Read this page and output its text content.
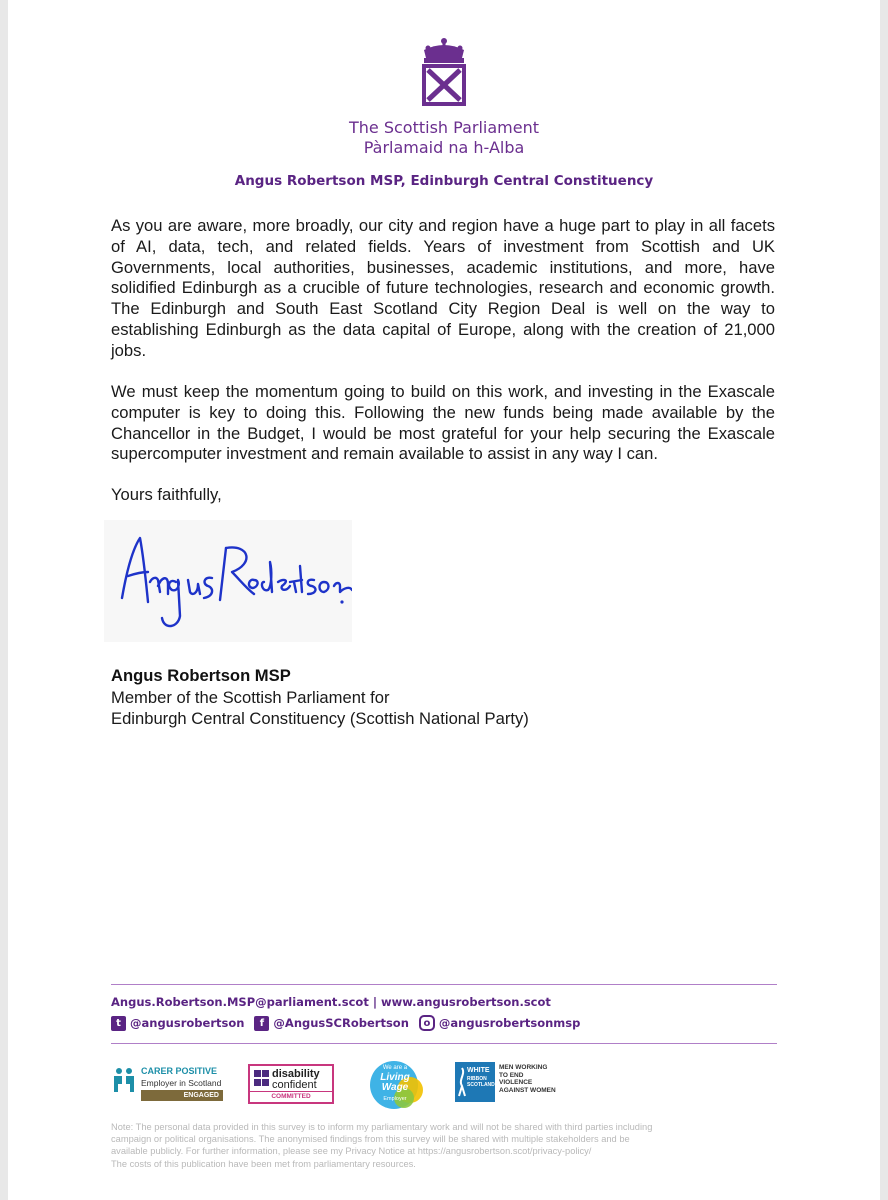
The Scottish Parliament
Pàrlamaid na h-Alba
Angus Robertson MSP, Edinburgh Central Constituency

As you are aware, more broadly, our city and region have a huge part to play in all facets of AI, data, tech, and related fields. Years of investment from Scottish and UK Governments, local authorities, businesses, academic institutions, and more, have solidified Edinburgh as a crucible of future technologies, research and economic growth. The Edinburgh and South East Scotland City Region Deal is well on the way to establishing Edinburgh as the data capital of Europe, along with the creation of 21,000 jobs.

We must keep the momentum going to build on this work, and investing in the Exascale computer is key to doing this. Following the new funds being made available by the Chancellor in the Budget, I would be most grateful for your help securing the Exascale supercomputer investment and remain available to assist in any way I can.

Yours faithfully,
Angus Robertson MSP
Member of the Scottish Parliament for
Edinburgh Central Constituency (Scottish National Party)
Angus.Robertson.MSP@parliament.scot | www.angusrobertson.scot
t @angusrobertson	f @AngusSCRobertson	o @angusrobertsonmsp
CARER POSITIVE
Employer in Scotland
ENGAGED
disability
confident
COMMITTED
We are a
Living Wage
Employer
WHITE
RIBBON SCOTLAND
MEN WORKING TO END VIOLENCE AGAINST WOMEN

Note: The personal data provided in this survey is to inform my parliamentary work and will not be shared with third parties including

campaign or political organisations. The anonymised findings from this survey will be shared with multiple stakeholders and be

available publicly. For further information, please see my Privacy Notice at https://angusrobertson.scot/privacy-policy/

The costs of this publication have been met from parliamentary resources.
